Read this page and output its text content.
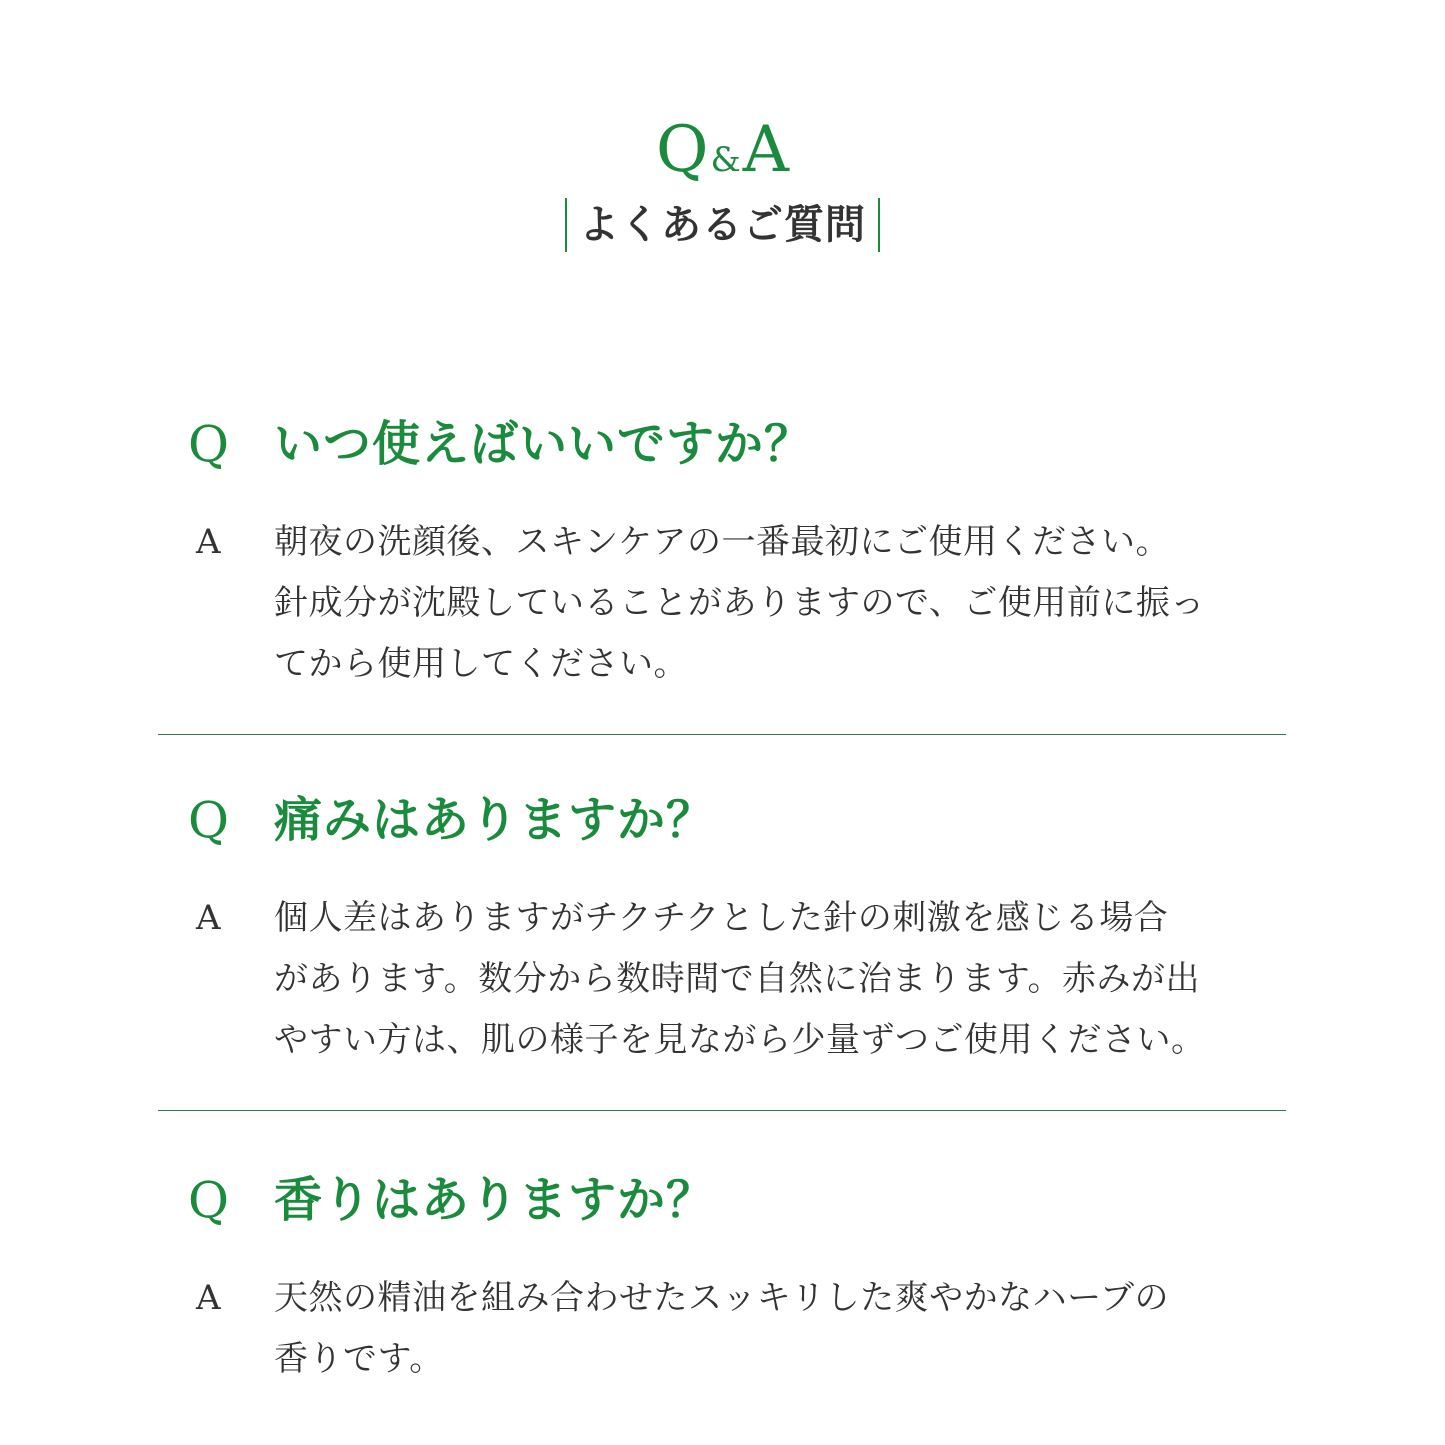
Q&A

よくあるご質問
Q いつ使えばいいですか？
A 朝夜の洗顔後、スキンケアの一番最初にご使用ください。
針成分が沈殿していることがありますので、ご使用前に振っ
てから使用してください。
Q 痛みはありますか？
A 個人差はありますがチクチクとした針の刺激を感じる場合
があります。数分から数時間で自然に治まります。赤みが出
やすい方は、肌の様子を見ながら少量ずつご使用ください。
Q 香りはありますか？
A 天然の精油を組み合わせたスッキリした爽やかなハーブの
香りです。
